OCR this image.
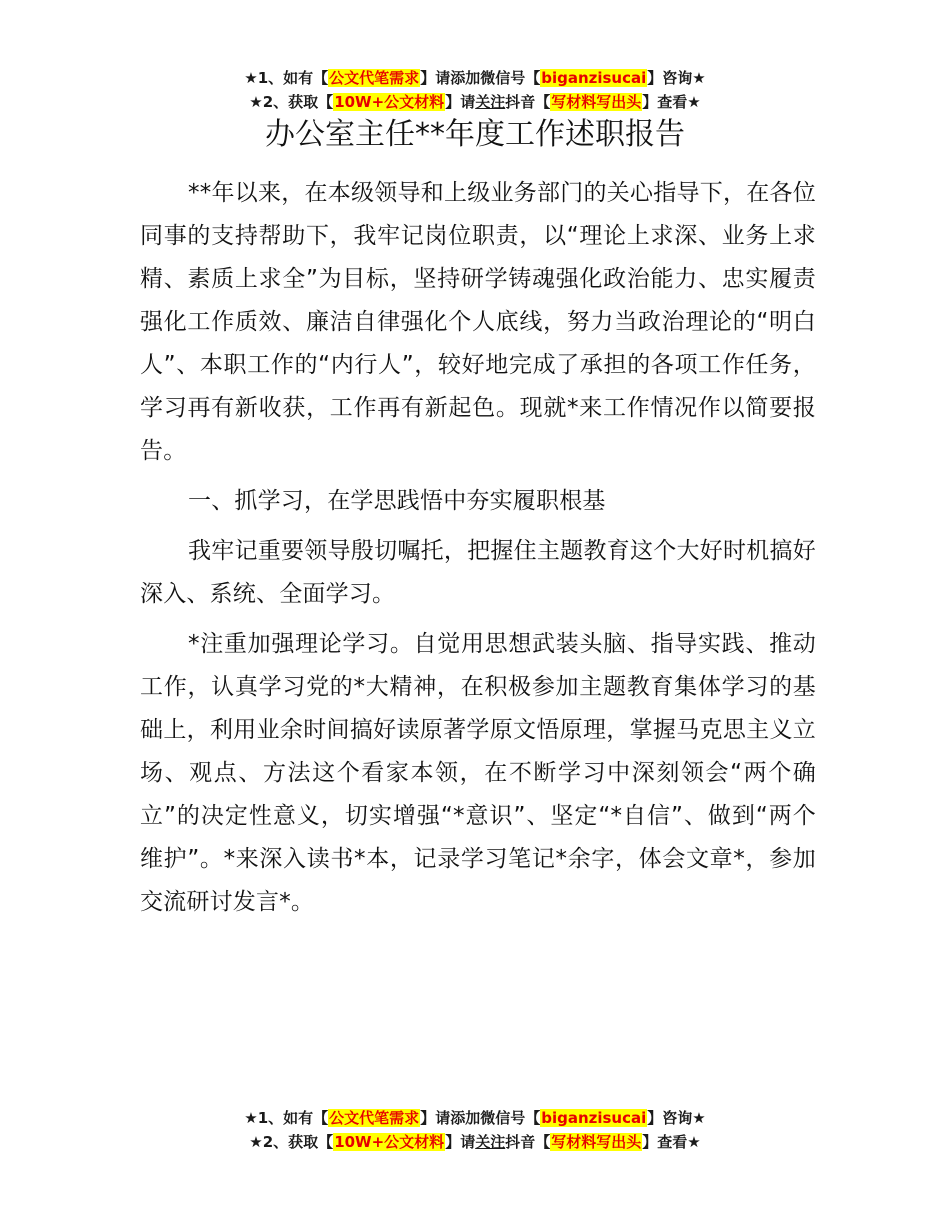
★1、如有【公文代笔需求】请添加微信号【biganzisucai】咨询★
★2、获取【10W+公文材料】请关注抖音【写材料写出头】查看★
办公室主任**年度工作述职报告

**年以来，在本级领导和上级业务部门的关心指导下，在各位同事的支持帮助下，我牢记岗位职责，以“理论上求深、业务上求精、素质上求全”为目标，坚持研学铸魂强化政治能力、忠实履责强化工作质效、廉洁自律强化个人底线，努力当政治理论的“明白人”、本职工作的“内行人”，较好地完成了承担的各项工作任务，学习再有新收获，工作再有新起色。现就*来工作情况作以简要报告。

一、抓学习，在学思践悟中夯实履职根基

我牢记重要领导殷切嘱托，把握住主题教育这个大好时机搞好深入、系统、全面学习。

*注重加强理论学习。自觉用思想武装头脑、指导实践、推动工作，认真学习党的*大精神，在积极参加主题教育集体学习的基础上，利用业余时间搞好读原著学原文悟原理，掌握马克思主义立场、观点、方法这个看家本领，在不断学习中深刻领会“两个确立”的决定性意义，切实增强“*意识”、坚定“*自信”、做到“两个维护”。*来深入读书*本，记录学习笔记*余字，体会文章*，参加交流研讨发言*。

★1、如有【公文代笔需求】请添加微信号【biganzisucai】咨询★
★2、获取【10W+公文材料】请关注抖音【写材料写出头】查看★
